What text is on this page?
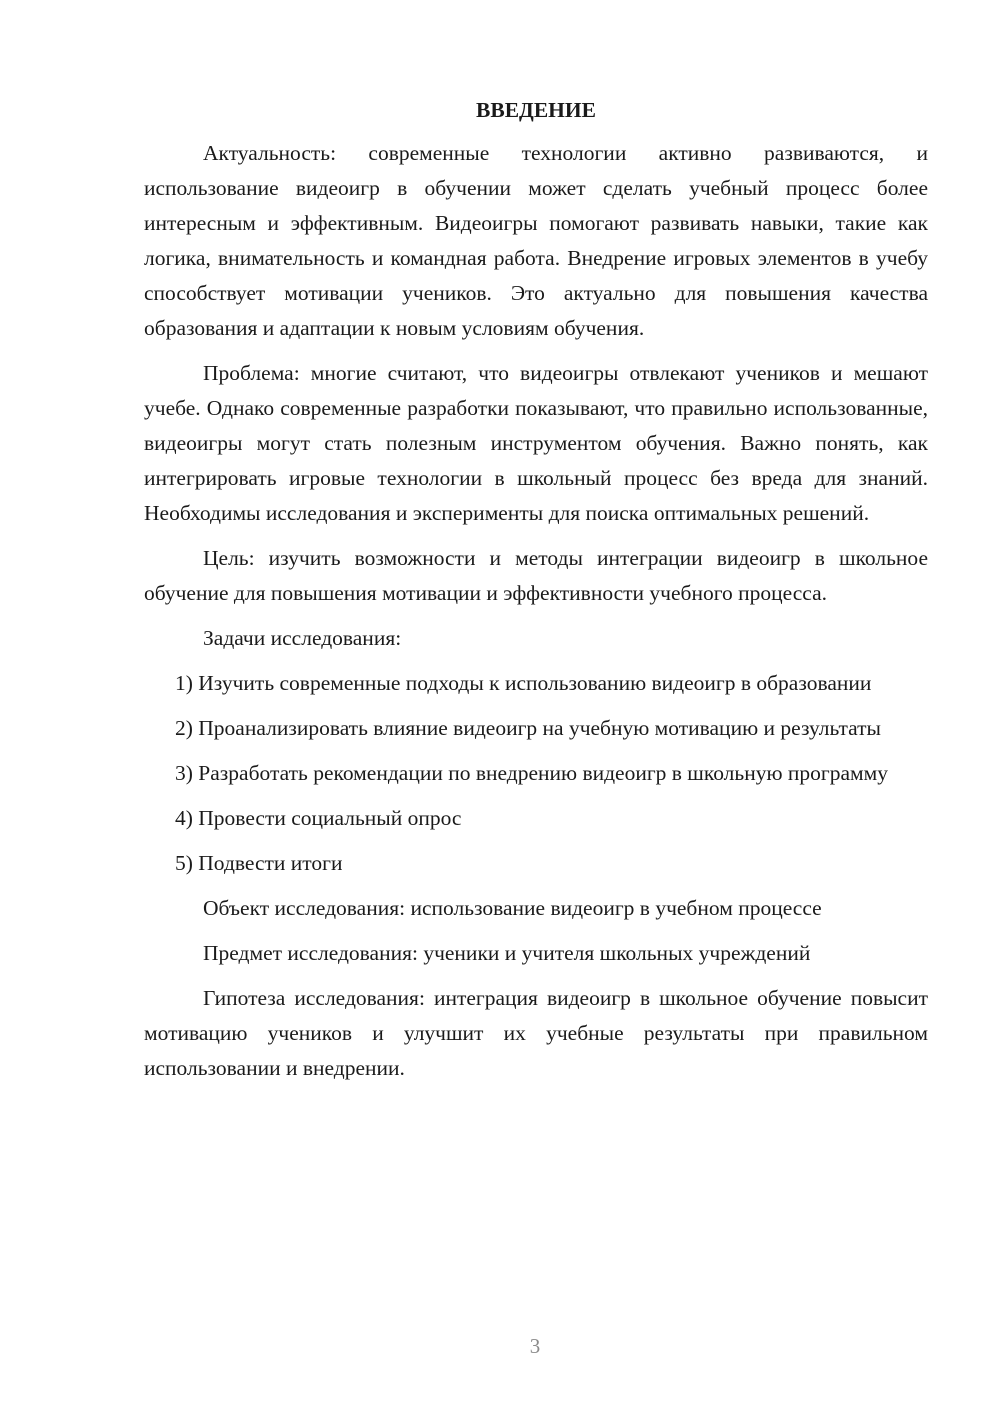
ВВЕДЕНИЕ

Актуальность: современные технологии активно развиваются, и использование видеоигр в обучении может сделать учебный процесс более интересным и эффективным. Видеоигры помогают развивать навыки, такие как логика, внимательность и командная работа. Внедрение игровых элементов в учебу способствует мотивации учеников. Это актуально для повышения качества образования и адаптации к новым условиям обучения.

Проблема: многие считают, что видеоигры отвлекают учеников и мешают учебе. Однако современные разработки показывают, что правильно использованные, видеоигры могут стать полезным инструментом обучения. Важно понять, как интегрировать игровые технологии в школьный процесс без вреда для знаний. Необходимы исследования и эксперименты для поиска оптимальных решений.

Цель: изучить возможности и методы интеграции видеоигр в школьное обучение для повышения мотивации и эффективности учебного процесса.

Задачи исследования:

1) Изучить современные подходы к использованию видеоигр в образовании

2) Проанализировать влияние видеоигр на учебную мотивацию и результаты

3) Разработать рекомендации по внедрению видеоигр в школьную программу

4) Провести социальный опрос

5) Подвести итоги

Объект исследования: использование видеоигр в учебном процессе

Предмет исследования: ученики и учителя школьных учреждений

Гипотеза исследования: интеграция видеоигр в школьное обучение повысит мотивацию учеников и улучшит их учебные результаты при правильном использовании и внедрении.

3
